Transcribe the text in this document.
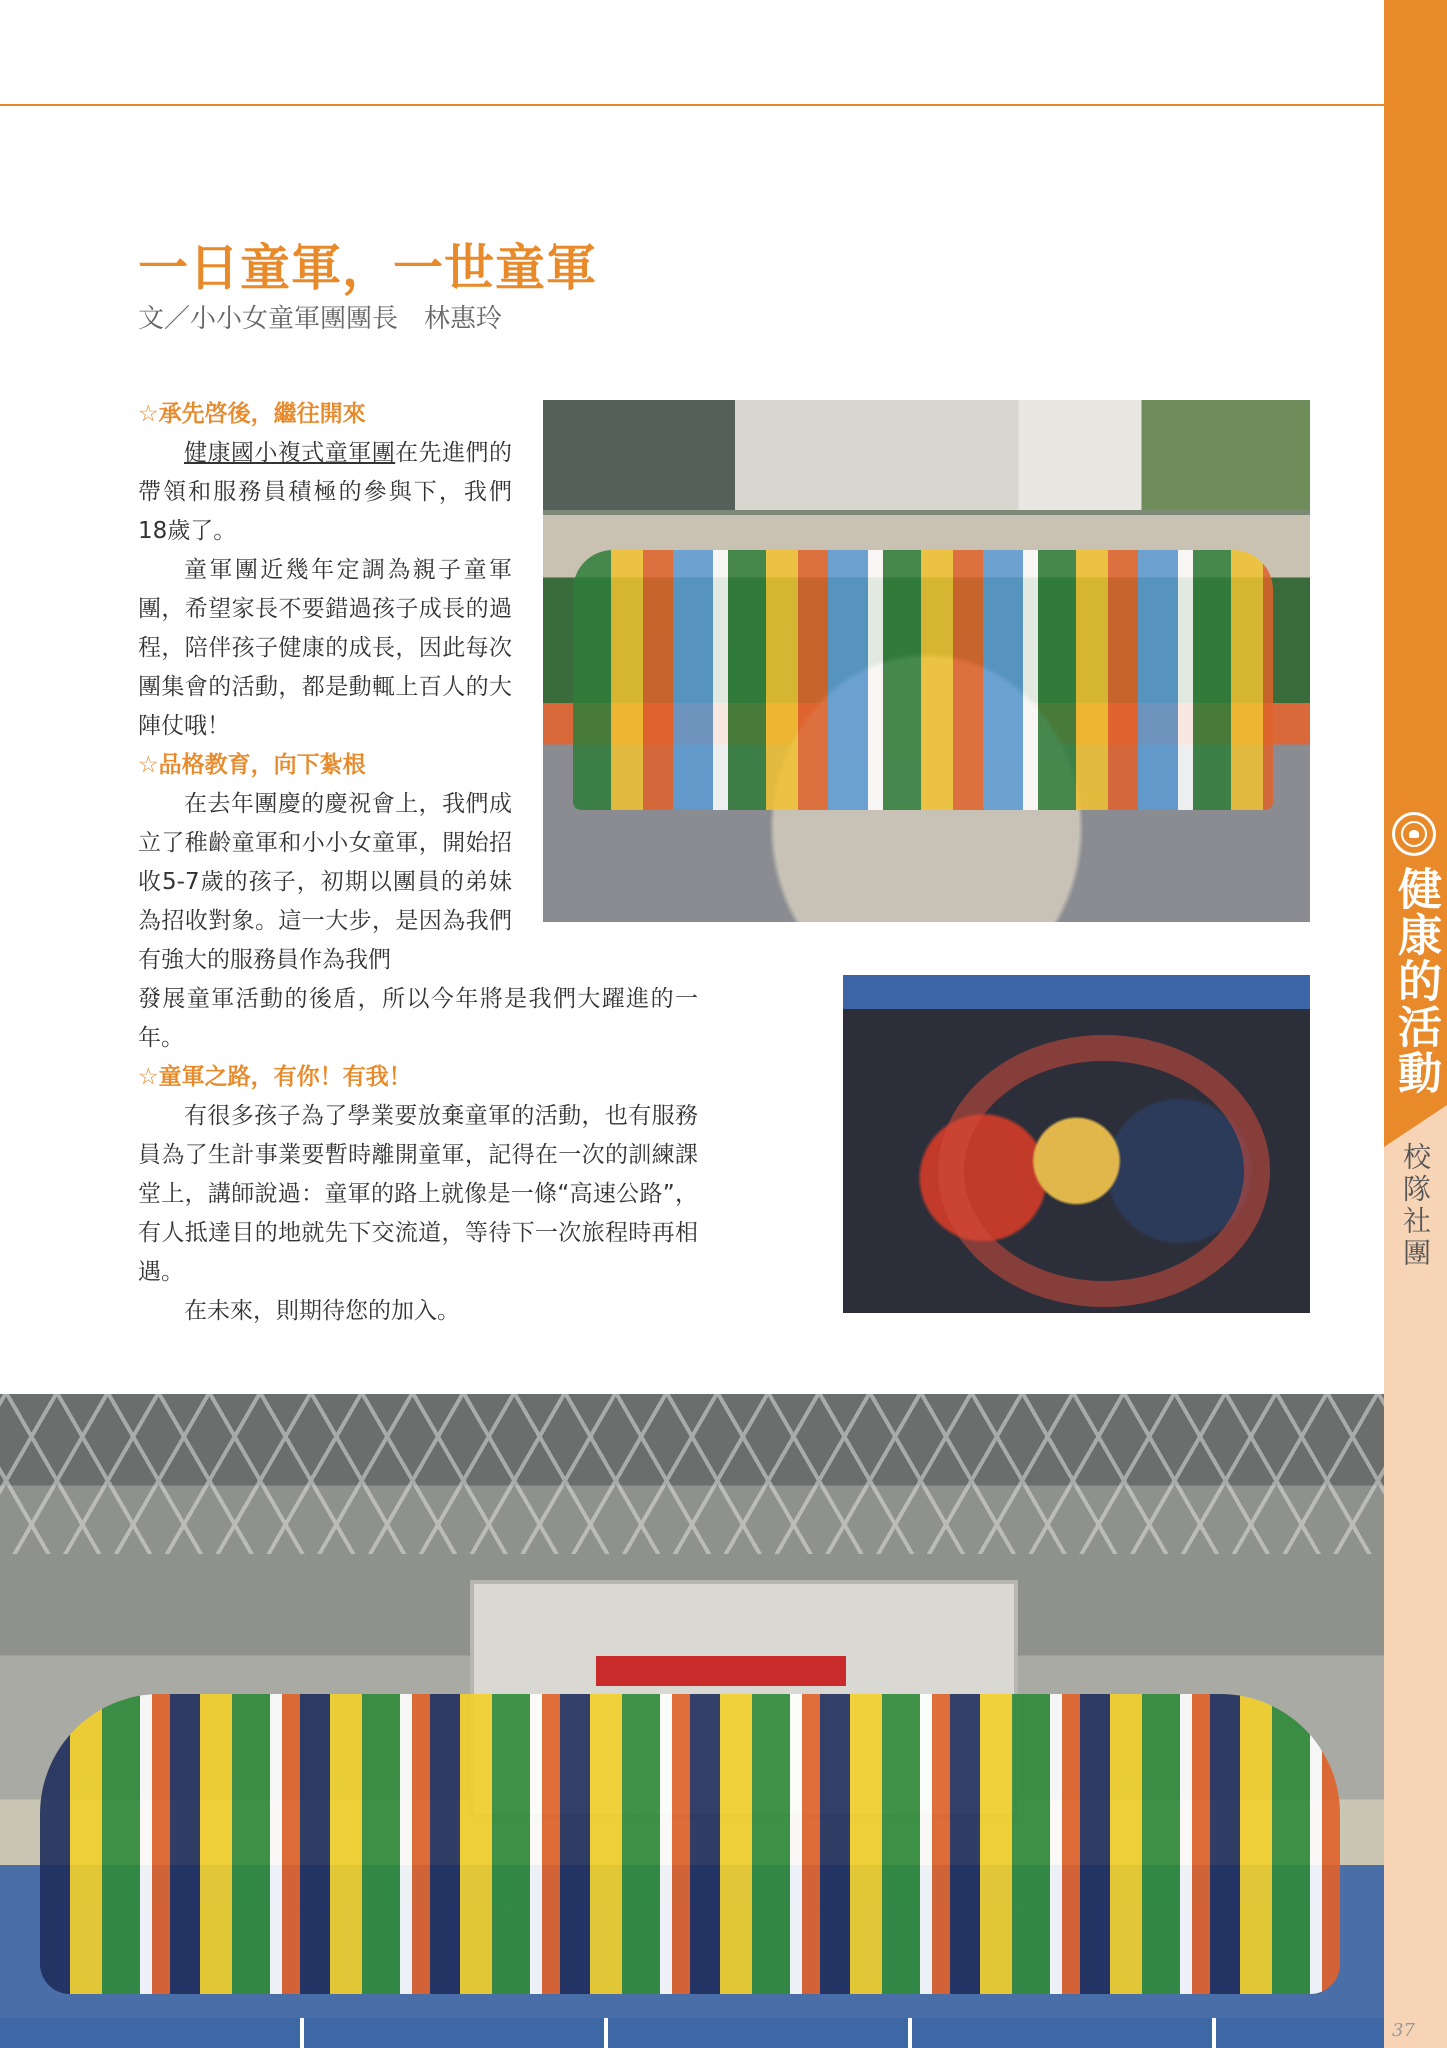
健康的活動
校隊社團
一日童軍，一世童軍
文／小小女童軍團團長　林惠玲

☆承先啓後，繼往開來

健康國小複式童軍團在先進們的帶領和服務員積極的參與下，我們18歲了。

童軍團近幾年定調為親子童軍團，希望家長不要錯過孩子成長的過程，陪伴孩子健康的成長，因此每次團集會的活動，都是動輒上百人的大陣仗哦！

☆品格教育，向下紮根

在去年團慶的慶祝會上，我們成立了稚齡童軍和小小女童軍，開始招收5-7歲的孩子，初期以團員的弟妹為招收對象。這一大步，是因為我們有強大的服務員作為我們

發展童軍活動的後盾，所以今年將是我們大躍進的一年。

☆童軍之路，有你！有我！

有很多孩子為了學業要放棄童軍的活動，也有服務員為了生計事業要暫時離開童軍，記得在一次的訓練課堂上，講師說過：童軍的路上就像是一條“高速公路”，有人抵達目的地就先下交流道，等待下一次旅程時再相遇。

在未來，則期待您的加入。

37
